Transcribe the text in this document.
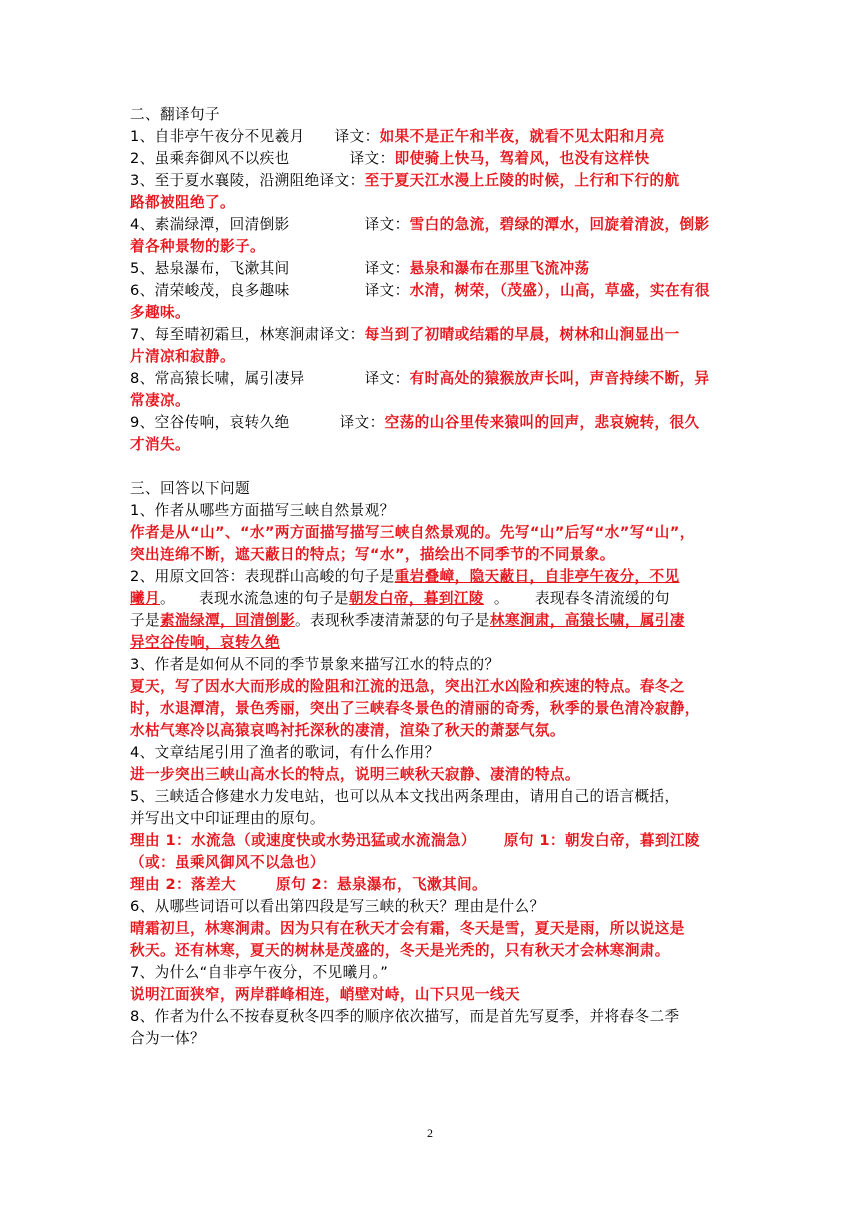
二、翻译句子
1、自非亭午夜分不见羲月 译文：如果不是正午和半夜，就看不见太阳和月亮
2、虽乘奔御风不以疾也	译文：即使骑上快马，驾着风，也没有这样快
3、至于夏水襄陵，沿溯阻绝译文：至于夏天江水漫上丘陵的时候，上行和下行的航
路都被阻绝了。
4、素湍绿潭，回清倒影	译文：雪白的急流，碧绿的潭水，回旋着清波，倒影
着各种景物的影子。
5、悬泉瀑布，飞漱其间	译文：悬泉和瀑布在那里飞流冲荡
6、清荣峻茂，良多趣味	译文：水清，树荣，（茂盛），山高，草盛，实在有很
多趣味。
7、每至晴初霜旦，林寒涧肃译文：每当到了初晴或结霜的早晨，树林和山涧显出一
片清凉和寂静。
8、常高猿长啸，属引凄异	译文：有时高处的猿猴放声长叫，声音持续不断，异
常凄凉。
9、空谷传响，哀转久绝	译文：空荡的山谷里传来猿叫的回声，悲哀婉转，很久
才消失。
三、回答以下问题
1、作者从哪些方面描写三峡自然景观？
作者是从“山”、“水”两方面描写描写三峡自然景观的。先写“山”后写“水”写“山”，
突出连绵不断，遮天蔽日的特点；写“水”，描绘出不同季节的不同景象。
2、用原文回答：表现群山高峻的句子是重岩叠嶂，隐天蔽日，自非亭午夜分，不见
曦月。 表现水流急速的句子是朝发白帝，暮到江陵 。 表现春冬清流缓的句
子是素湍绿潭，回清倒影。表现秋季凄清萧瑟的句子是林寒涧肃，高猿长啸，属引凄
异空谷传响，哀转久绝
3、作者是如何从不同的季节景象来描写江水的特点的？
夏天，写了因水大而形成的险阻和江流的迅急，突出江水凶险和疾速的特点。春冬之
时，水退潭清，景色秀丽，突出了三峡春冬景色的清丽的奇秀，秋季的景色清冷寂静，
水枯气寒冷以高猿哀鸣衬托深秋的凄清，渲染了秋天的萧瑟气氛。
4、文章结尾引用了渔者的歌词，有什么作用？
进一步突出三峡山高水长的特点，说明三峡秋天寂静、凄清的特点。
5、三峡适合修建水力发电站，也可以从本文找出两条理由，请用自己的语言概括，
并写出文中印证理由的原句。
理由 1：水流急（或速度快或水势迅猛或水流湍急） 原句 1：朝发白帝，暮到江陵
（或：虽乘风御风不以急也）
理由 2：落差大	原句 2：悬泉瀑布，飞漱其间。
6、从哪些词语可以看出第四段是写三峡的秋天？理由是什么？
晴霜初旦，林寒涧肃。因为只有在秋天才会有霜，冬天是雪，夏天是雨，所以说这是
秋天。还有林寒，夏天的树林是茂盛的，冬天是光秃的，只有秋天才会林寒涧肃。
7、为什么“自非亭午夜分，不见曦月。”
说明江面狭窄，两岸群峰相连，峭壁对峙，山下只见一线天
8、作者为什么不按春夏秋冬四季的顺序依次描写，而是首先写夏季，并将春冬二季
合为一体？
2
